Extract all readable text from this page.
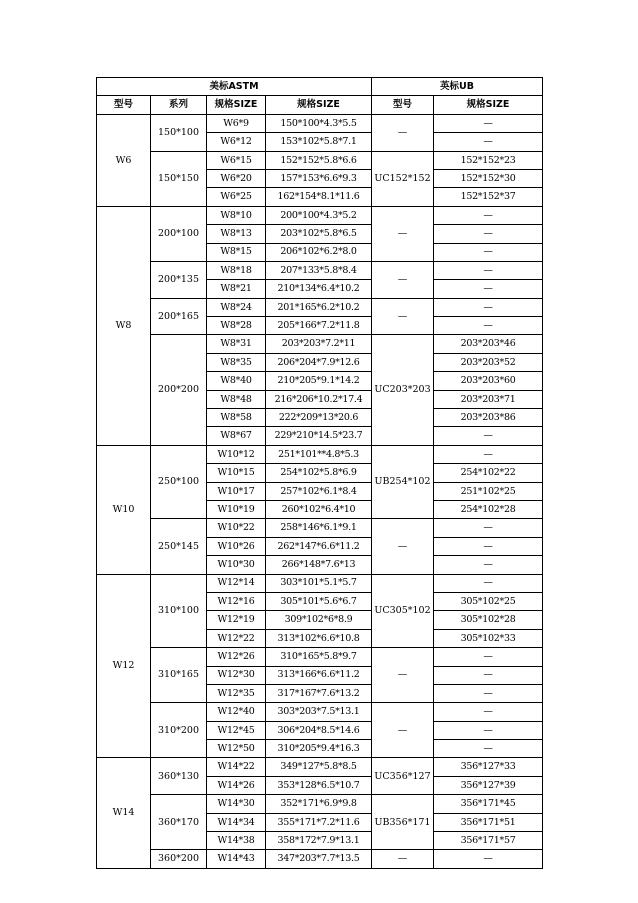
美标ASTM				英标UB	
型号	系列	规格SIZE	规格SIZE	型号	规格SIZE
W6	150*100	W6*9	150*100*4.3*5.5	—	—
		W6*12	153*102*5.8*7.1		—
	150*150	W6*15	152*152*5.8*6.6	UC152*152	152*152*23
		W6*20	157*153*6.6*9.3		152*152*30
		W6*25	162*154*8.1*11.6		152*152*37
W8	200*100	W8*10	200*100*4.3*5.2	—	—
		W8*13	203*102*5.8*6.5		—
		W8*15	206*102*6.2*8.0		—
	200*135	W8*18	207*133*5.8*8.4	—	—
		W8*21	210*134*6.4*10.2		—
	200*165	W8*24	201*165*6.2*10.2	—	—
		W8*28	205*166*7.2*11.8		—
	200*200	W8*31	203*203*7.2*11	UC203*203	203*203*46
		W8*35	206*204*7.9*12.6		203*203*52
		W8*40	210*205*9.1*14.2		203*203*60
		W8*48	216*206*10.2*17.4		203*203*71
		W8*58	222*209*13*20.6		203*203*86
		W8*67	229*210*14.5*23.7		—
W10	250*100	W10*12	251*101**4.8*5.3	UB254*102	—
		W10*15	254*102*5.8*6.9		254*102*22
		W10*17	257*102*6.1*8.4		251*102*25
		W10*19	260*102*6.4*10		254*102*28
	250*145	W10*22	258*146*6.1*9.1	—	—
		W10*26	262*147*6.6*11.2		—
		W10*30	266*148*7.6*13		—
W12	310*100	W12*14	303*101*5.1*5.7	UC305*102	—
		W12*16	305*101*5.6*6.7		305*102*25
		W12*19	309*102*6*8.9		305*102*28
		W12*22	313*102*6.6*10.8		305*102*33
	310*165	W12*26	310*165*5.8*9.7	—	—
		W12*30	313*166*6.6*11.2		—
		W12*35	317*167*7.6*13.2		—
	310*200	W12*40	303*203*7.5*13.1	—	—
		W12*45	306*204*8.5*14.6		—
		W12*50	310*205*9.4*16.3		—
W14	360*130	W14*22	349*127*5.8*8.5	UC356*127	356*127*33
		W14*26	353*128*6.5*10.7		356*127*39
	360*170	W14*30	352*171*6.9*9.8	UB356*171	356*171*45
		W14*34	355*171*7.2*11.6		356*171*51
		W14*38	358*172*7.9*13.1		356*171*57
	360*200	W14*43	347*203*7.7*13.5	—	—
